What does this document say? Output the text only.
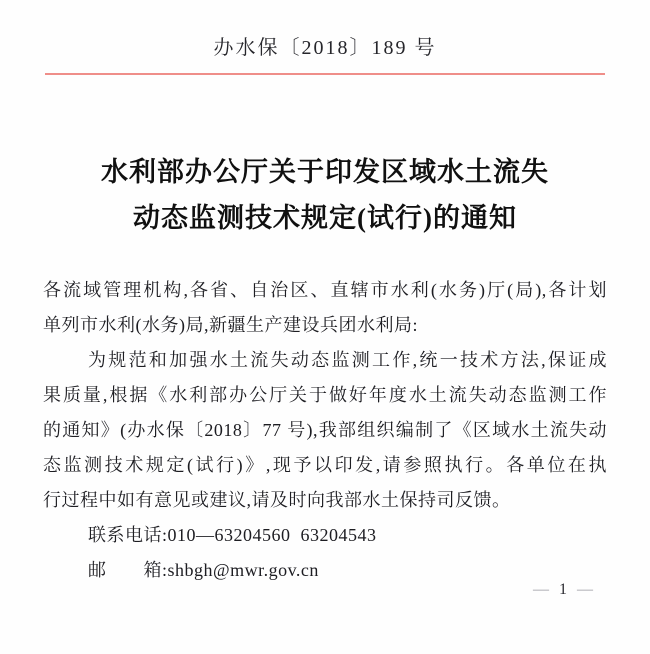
办水保〔2018〕189 号
水利部办公厅关于印发区域水土流失
动态监测技术规定(试行)的通知
各流域管理机构,各省、自治区、直辖市水利(水务)厅(局),各计划
单列市水利(水务)局,新疆生产建设兵团水利局:
为规范和加强水土流失动态监测工作,统一技术方法,保证成
果质量,根据《水利部办公厅关于做好年度水土流失动态监测工作
的通知》(办水保〔2018〕77 号),我部组织编制了《区域水土流失动
态监测技术规定(试行)》,现予以印发,请参照执行。各单位在执
行过程中如有意见或建议,请及时向我部水土保持司反馈。
联系电话 :010—63204560  63204543
邮 箱 :shbgh@mwr.gov.cn
— 1 —
